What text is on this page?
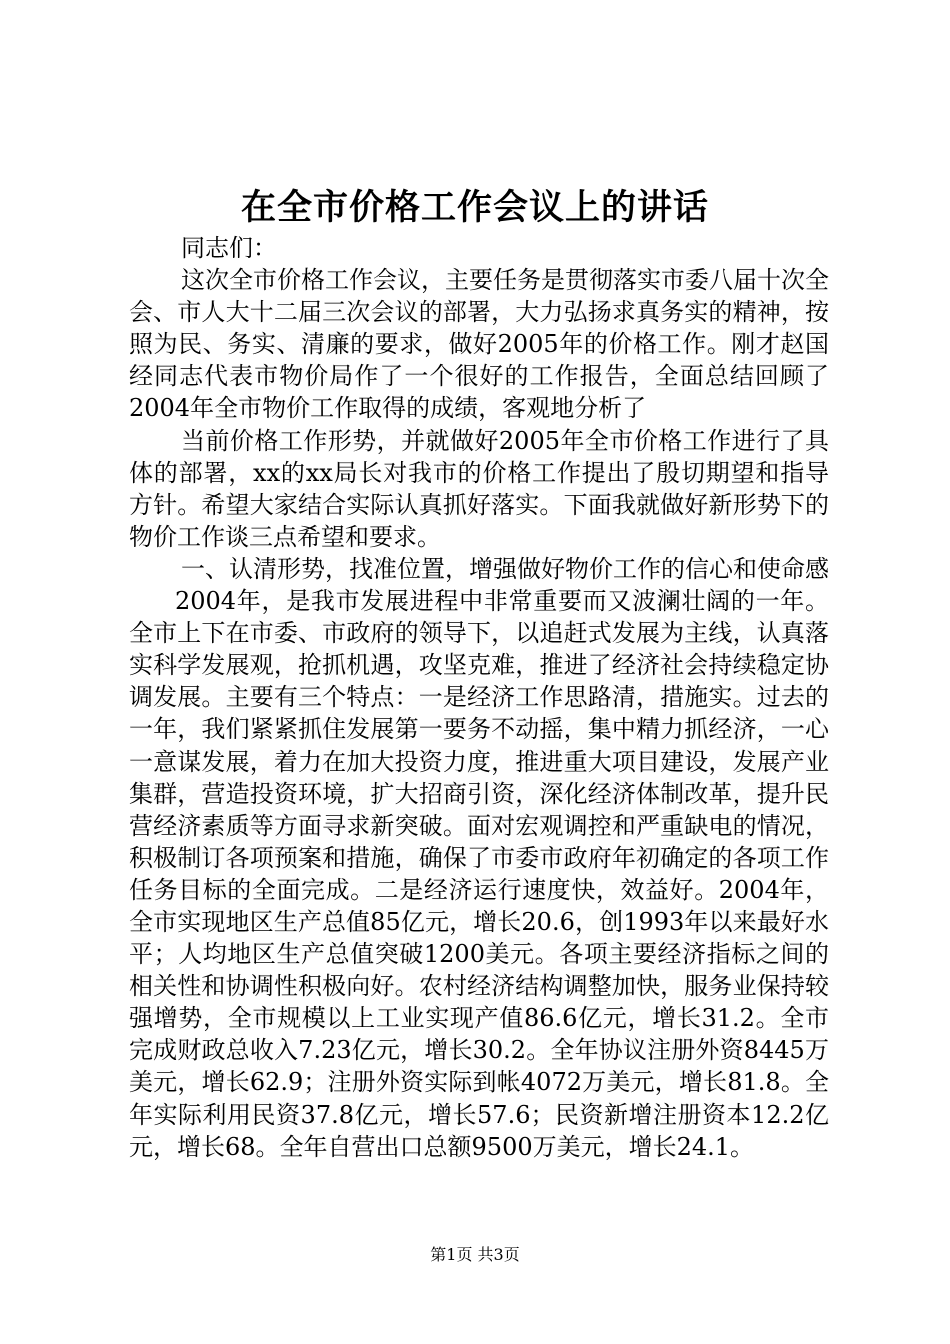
在全市价格工作会议上的讲话

同志们：

这次全市价格工作会议，主要任务是贯彻落实市委八届十次全会、市人大十二届三次会议的部署，大力弘扬求真务实的精神，按照为民、务实、清廉的要求，做好2005年的价格工作。刚才赵国经同志代表市物价局作了一个很好的工作报告，全面总结回顾了2004年全市物价工作取得的成绩，客观地分析了

当前价格工作形势，并就做好2005年全市价格工作进行了具体的部署，xx的xx局长对我市的价格工作提出了殷切期望和指导方针。希望大家结合实际认真抓好落实。下面我就做好新形势下的物价工作谈三点希望和要求。

一、认清形势，找准位置，增强做好物价工作的信心和使命感

2004年，是我市发展进程中非常重要而又波澜壮阔的一年。全市上下在市委、市政府的领导下，以追赶式发展为主线，认真落实科学发展观，抢抓机遇，攻坚克难，推进了经济社会持续稳定协调发展。主要有三个特点：一是经济工作思路清，措施实。过去的一年，我们紧紧抓住发展第一要务不动摇，集中精力抓经济，一心一意谋发展，着力在加大投资力度，推进重大项目建设，发展产业集群，营造投资环境，扩大招商引资，深化经济体制改革，提升民营经济素质等方面寻求新突破。面对宏观调控和严重缺电的情况，积极制订各项预案和措施，确保了市委市政府年初确定的各项工作任务目标的全面完成。二是经济运行速度快，效益好。2004年，全市实现地区生产总值85亿元，增长20.6，创1993年以来最好水平；人均地区生产总值突破1200美元。各项主要经济指标之间的相关性和协调性积极向好。农村经济结构调整加快，服务业保持较强增势，全市规模以上工业实现产值86.6亿元，增长31.2。全市完成财政总收入7.23亿元，增长30.2。全年协议注册外资8445万美元，增长62.9；注册外资实际到帐4072万美元，增长81.8。全年实际利用民资37.8亿元，增长57.6；民资新增注册资本12.2亿元，增长68。全年自营出口总额9500万美元，增长24.1。

第1页 共3页
